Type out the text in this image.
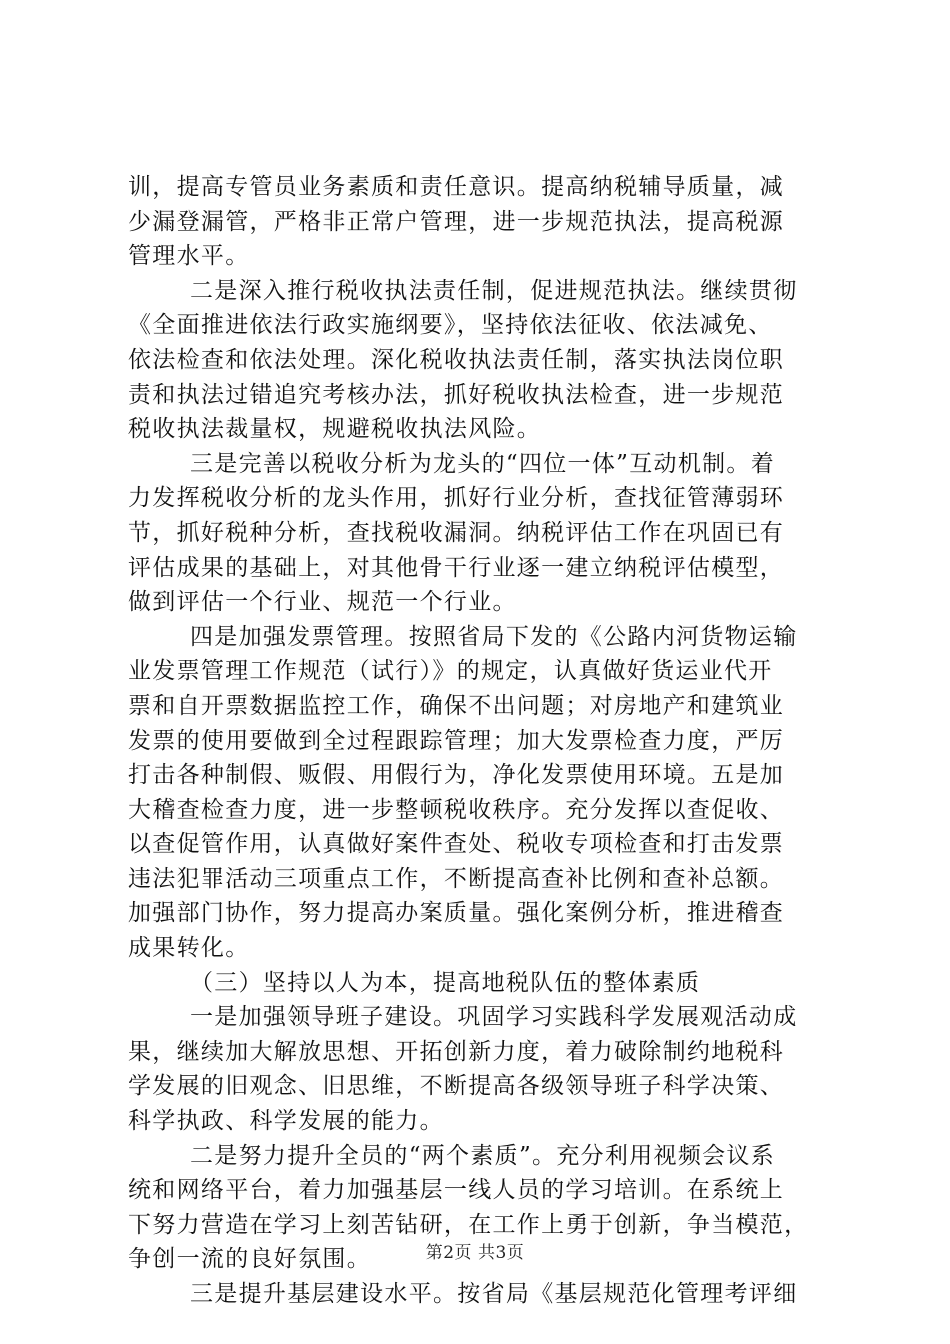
训，提高专管员业务素质和责任意识。提高纳税辅导质量，减
少漏登漏管，严格非正常户管理，进一步规范执法，提高税源
管理水平。
二是深入推行税收执法责任制，促进规范执法。继续贯彻
《全面推进依法行政实施纲要》，坚持依法征收、依法减免、
依法检查和依法处理。深化税收执法责任制，落实执法岗位职
责和执法过错追究考核办法，抓好税收执法检查，进一步规范
税收执法裁量权，规避税收执法风险。
三是完善以税收分析为龙头的“四位一体”互动机制。着
力发挥税收分析的龙头作用，抓好行业分析，查找征管薄弱环
节，抓好税种分析，查找税收漏洞。纳税评估工作在巩固已有
评估成果的基础上，对其他骨干行业逐一建立纳税评估模型，
做到评估一个行业、规范一个行业。
四是加强发票管理。按照省局下发的《公路内河货物运输
业发票管理工作规范（试行）》的规定，认真做好货运业代开
票和自开票数据监控工作，确保不出问题；对房地产和建筑业
发票的使用要做到全过程跟踪管理；加大发票检查力度，严厉
打击各种制假、贩假、用假行为，净化发票使用环境。五是加
大稽查检查力度，进一步整顿税收秩序。充分发挥以查促收、
以查促管作用，认真做好案件查处、税收专项检查和打击发票
违法犯罪活动三项重点工作，不断提高查补比例和查补总额。
加强部门协作，努力提高办案质量。强化案例分析，推进稽查
成果转化。
（三）坚持以人为本，提高地税队伍的整体素质
一是加强领导班子建设。巩固学习实践科学发展观活动成
果，继续加大解放思想、开拓创新力度，着力破除制约地税科
学发展的旧观念、旧思维，不断提高各级领导班子科学决策、
科学执政、科学发展的能力。
二是努力提升全员的“两个素质”。充分利用视频会议系
统和网络平台，着力加强基层一线人员的学习培训。在系统上
下努力营造在学习上刻苦钻研，在工作上勇于创新，争当模范，
争创一流的良好氛围。
三是提升基层建设水平。按省局《基层规范化管理考评细
第2页 共3页
